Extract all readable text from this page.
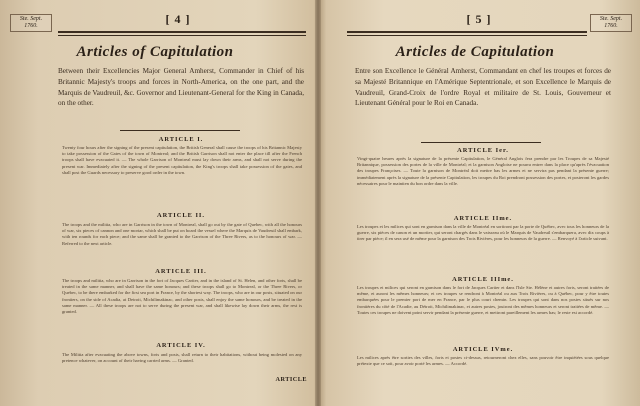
Ste. Sept.
1760.	[ 4 ]
Articles of Capitulation
Between their Excellencies Major General Amherst, Commander in Chief of his Britannic Majesty's troops and forces in North-America, on the one part, and the Marquis de Vaudreuil, &c. Governor and Lieutenant-General for the King in Canada, on the other.
ARTICLE I.
Twenty four hours after the signing of the present capitulation, the British General shall cause the troops of his Britannic Majesty to take possession of the Gates of the town of Montreal; and the British Garrison shall not enter the place till after the French troops shall have evacuated it. — The whole Garrison of Montreal must lay down their arms, and shall not serve during the present war. Immediately after the signing of the present capitulation, the King's troops shall take possession of the gates, and shall post the Guards necessary to preserve good order in the town.
ARTICLE II.
The troops and the militia, who are in Garrison in the town of Montreal, shall go out by the gate of Quebec, with all the honours of war, six pieces of cannon and one mortar, which shall be put on board the vessel where the Marquis de Vaudreuil shall embark, with ten rounds for each piece; and the same shall be granted to the Garrison of the Three Rivers, as to the honours of war. — Referred to the next article.
ARTICLE III.
The troops and militia, who are in Garrison in the fort of Jacques Cartier, and in the island of St. Helen, and other forts, shall be treated in the same manner, and shall have the same honours; and these troops shall go to Montreal, or the Three Rivers, or Quebec, to be there embarked for the first sea port in France, by the shortest way. The troops, who are in our posts, situated on our frontiers, on the side of Acadia, at Detroit, Michilimakinac, and other posts, shall enjoy the same honours, and be treated in the same manner. — All these troops are not to serve during the present war, and shall likewise lay down their arms, the rest is granted.
ARTICLE IV.
The Militia after evacuating the above towns, forts and posts, shall return to their habitations, without being molested on any pretence whatever, on account of their having carried arms. — Granted.
ARTICLE
Ste. Sept.
1760.
[ 5 ]
Articles de Capitulation
Entre son Excellence le Général Amherst, Commandant en chef les troupes et forces de sa Majesté Britannique en l'Amérique Septentrionale, et son Excellence le Marquis de Vaudreuil, Grand-Croix de l'ordre Royal et militaire de St. Louis, Gouverneur et Lieutenant Général pour le Roi en Canada.
ARTICLE Ier.
Vingt-quatre heures après la signature de la présente Capitulation, le Général Anglois fera prendre par les Troupes de sa Majesté Britannique, possession des portes de la ville de Montréal; et la garnison Angloise ne pourra entrer dans la place qu'après l'évacuation des troupes Françoises. — Toute la garnison de Montréal doit mettre bas les armes et ne servira pas pendant la présente guerre; immédiatement après la signature de la présente Capitulation, les troupes du Roi prendront possession des portes, et posteront les gardes nécessaires pour le maintien du bon ordre dans la ville.
ARTICLE IIme.
Les troupes et les milices qui sont en garnison dans la ville de Montréal en sortiront par la porte de Québec, avec tous les honneurs de la guerre, six pièces de canon et un mortier, qui seront chargés dans le vaisseau où le Marquis de Vaudreuil s'embarquera, avec dix coups à tirer par pièce; il en sera usé de même pour la garnison des Trois Rivières, pour les honneurs de la guerre. — Renvoyé à l'article suivant.
ARTICLE IIIme.
Les troupes et milices qui seront en garnison dans le fort de Jacques Cartier et dans l'Isle Ste. Hélène et autres forts, seront traitées de même, et auront les mêmes honneurs; et ces troupes se rendront à Montréal ou aux Trois Rivières, ou à Québec, pour y être toutes embarquées pour le premier port de mer en France, par le plus court chemin. Les troupes qui sont dans nos postes situés sur nos frontières du côté de l'Acadie, au Détroit, Michilimakinac, et autres postes, jouiront des mêmes honneurs et seront traitées de même. — Toutes ces troupes ne doivent point servir pendant la présente guerre, et mettront pareillement les armes bas; le reste est accordé.
ARTICLE IVme.
Les milices après être sorties des villes, forts et postes ci-dessus, retourneront chez elles, sans pouvoir être inquiétées sous quelque prétexte que ce soit, pour avoir porté les armes. — Accordé.
